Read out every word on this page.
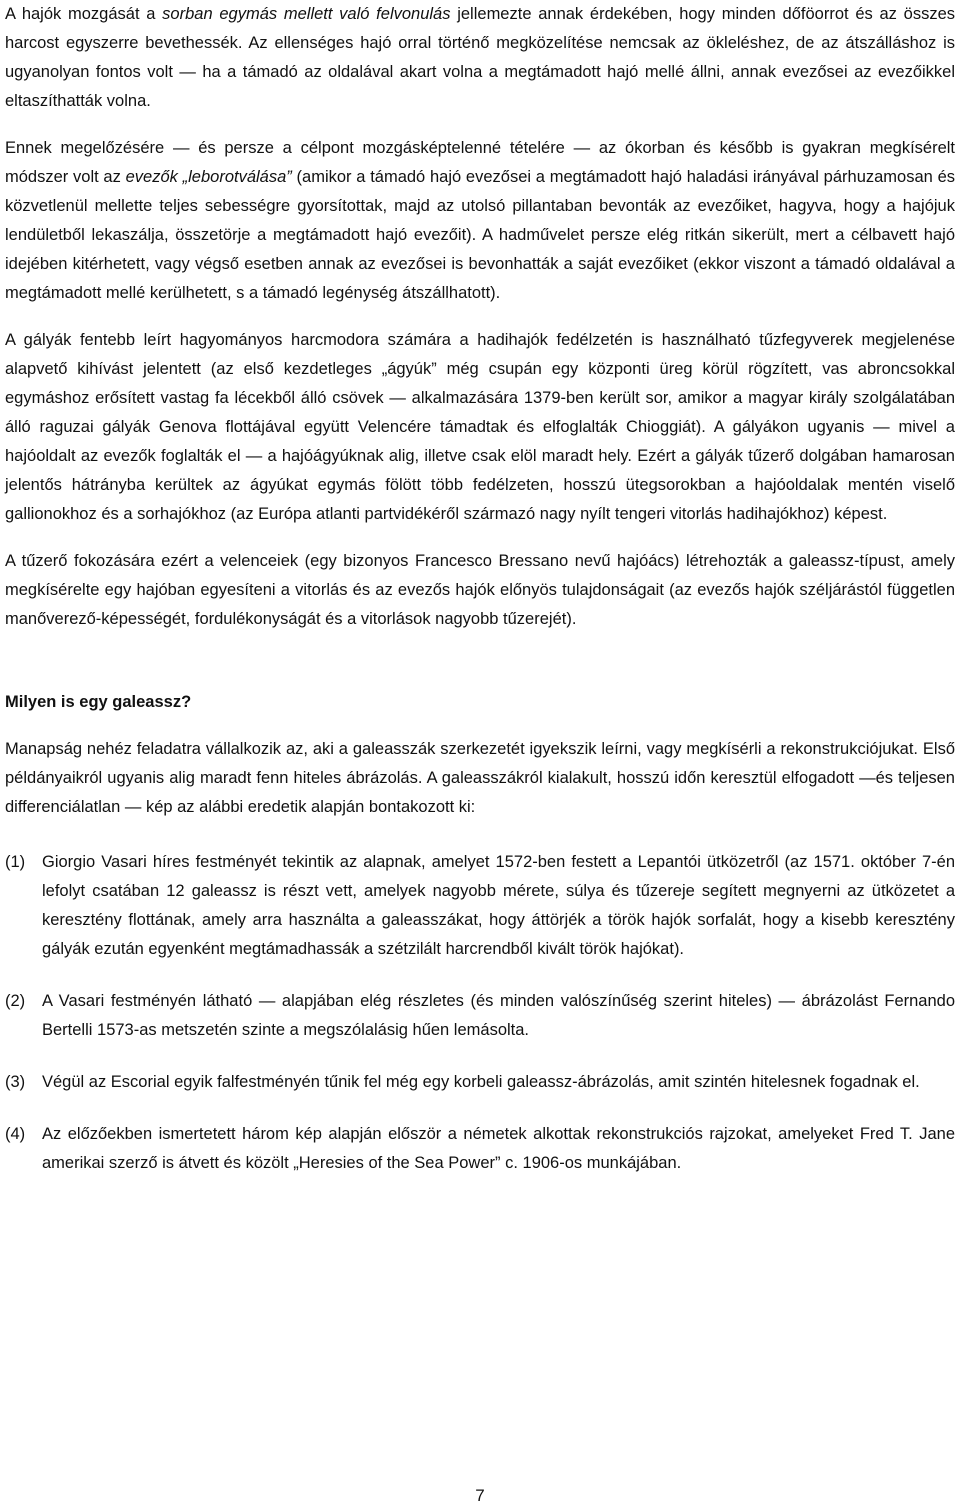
A hajók mozgását a sorban egymás mellett való felvonulás jellemezte annak érdekében, hogy minden dőföorrot és az összes harcost egyszerre bevethessék. Az ellenséges hajó orral történő megközelítése nemcsak az ökleléshez, de az átszálláshoz is ugyanolyan fontos volt ― ha a támadó az oldalával akart volna a megtámadott hajó mellé állni, annak evezősei az evezőikkel eltaszíthatták volna.

Ennek megelőzésére ― és persze a célpont mozgásképtelenné tételére ― az ókorban és később is gyakran megkísérelt módszer volt az evezők „leborotválása” (amikor a támadó hajó evezősei a megtámadott hajó haladási irányával párhuzamosan és közvetlenül mellette teljes sebességre gyorsítottak, majd az utolsó pillantaban bevonták az evezőiket, hagyva, hogy a hajójuk lendületből lekaszálja, összetörje a megtámadott hajó evezőit). A hadművelet persze elég ritkán sikerült, mert a célbavett hajó idejében kitérhetett, vagy végső esetben annak az evezősei is bevonhatták a saját evezőiket (ekkor viszont a támadó oldalával a megtámadott mellé kerülhetett, s a támadó legénység átszállhatott).

A gályák fentebb leírt hagyományos harcmodora számára a hadihajók fedélzetén is használható tűzfegyverek megjelenése alapvető kihívást jelentett (az első kezdetleges „ágyúk” még csupán egy központi üreg körül rögzített, vas abroncsokkal egymáshoz erősített vastag fa lécekből álló csövek ― alkalmazására 1379-ben került sor, amikor a magyar király szolgálatában álló raguzai gályák Genova flottájával együtt Velencére támadtak és elfoglalták Chioggiát). A gályákon ugyanis ― mivel a hajóoldalt az evezők foglalták el ― a hajóágyúknak alig, illetve csak elöl maradt hely. Ezért a gályák tűzerő dolgában hamarosan jelentős hátrányba kerültek az ágyúkat egymás fölött több fedélzeten, hosszú ütegsorokban a hajóoldalak mentén viselő gallionokhoz és a sorhajókhoz (az Európa atlanti partvidékéről származó nagy nyílt tengeri vitorlás hadihajókhoz) képest.

A tűzerő fokozására ezért a velenceiek (egy bizonyos Francesco Bressano nevű hajóács) létrehozták a galeassz-típust, amely megkísérelte egy hajóban egyesíteni a vitorlás és az evezős hajók előnyös tulajdonságait (az evezős hajók széljárástól független manőverező-képességét, fordulékonyságát és a vitorlások nagyobb tűzerejét).

Milyen is egy galeassz?

Manapság nehéz feladatra vállalkozik az, aki a galeasszák szerkezetét igyekszik leírni, vagy megkísérli a rekonstrukciójukat. Első példányaikról ugyanis alig maradt fenn hiteles ábrázolás. A galeasszákról kialakult, hosszú időn keresztül elfogadott ―és teljesen differenciálatlan ― kép az alábbi eredetik alapján bontakozott ki:

(1)	Giorgio Vasari híres festményét tekintik az alapnak, amelyet 1572-ben festett a Lepantói ütközetről (az 1571. október 7-én lefolyt csatában 12 galeassz is részt vett, amelyek nagyobb mérete, súlya és tűzereje segített megnyerni az ütközetet a keresztény flottának, amely arra használta a galeasszákat, hogy áttörjék a török hajók sorfalát, hogy a kisebb keresztény gályák ezután egyenként megtámadhassák a szétzilált harcrendből kivált török hajókat).
(2)	A Vasari festményén látható ― alapjában elég részletes (és minden valószínűség szerint hiteles) ― ábrázolást Fernando Bertelli 1573-as metszetén szinte a megszólalásig hűen lemásolta.
(3)	Végül az Escorial egyik falfestményén tűnik fel még egy korbeli galeassz-ábrázolás, amit szintén hitelesnek fogadnak el.
(4)	Az előzőekben ismertetett három kép alapján először a németek alkottak rekonstrukciós rajzokat, amelyeket Fred T. Jane amerikai szerző is átvett és közölt „Heresies of the Sea Power” c. 1906-os munkájában.
7
